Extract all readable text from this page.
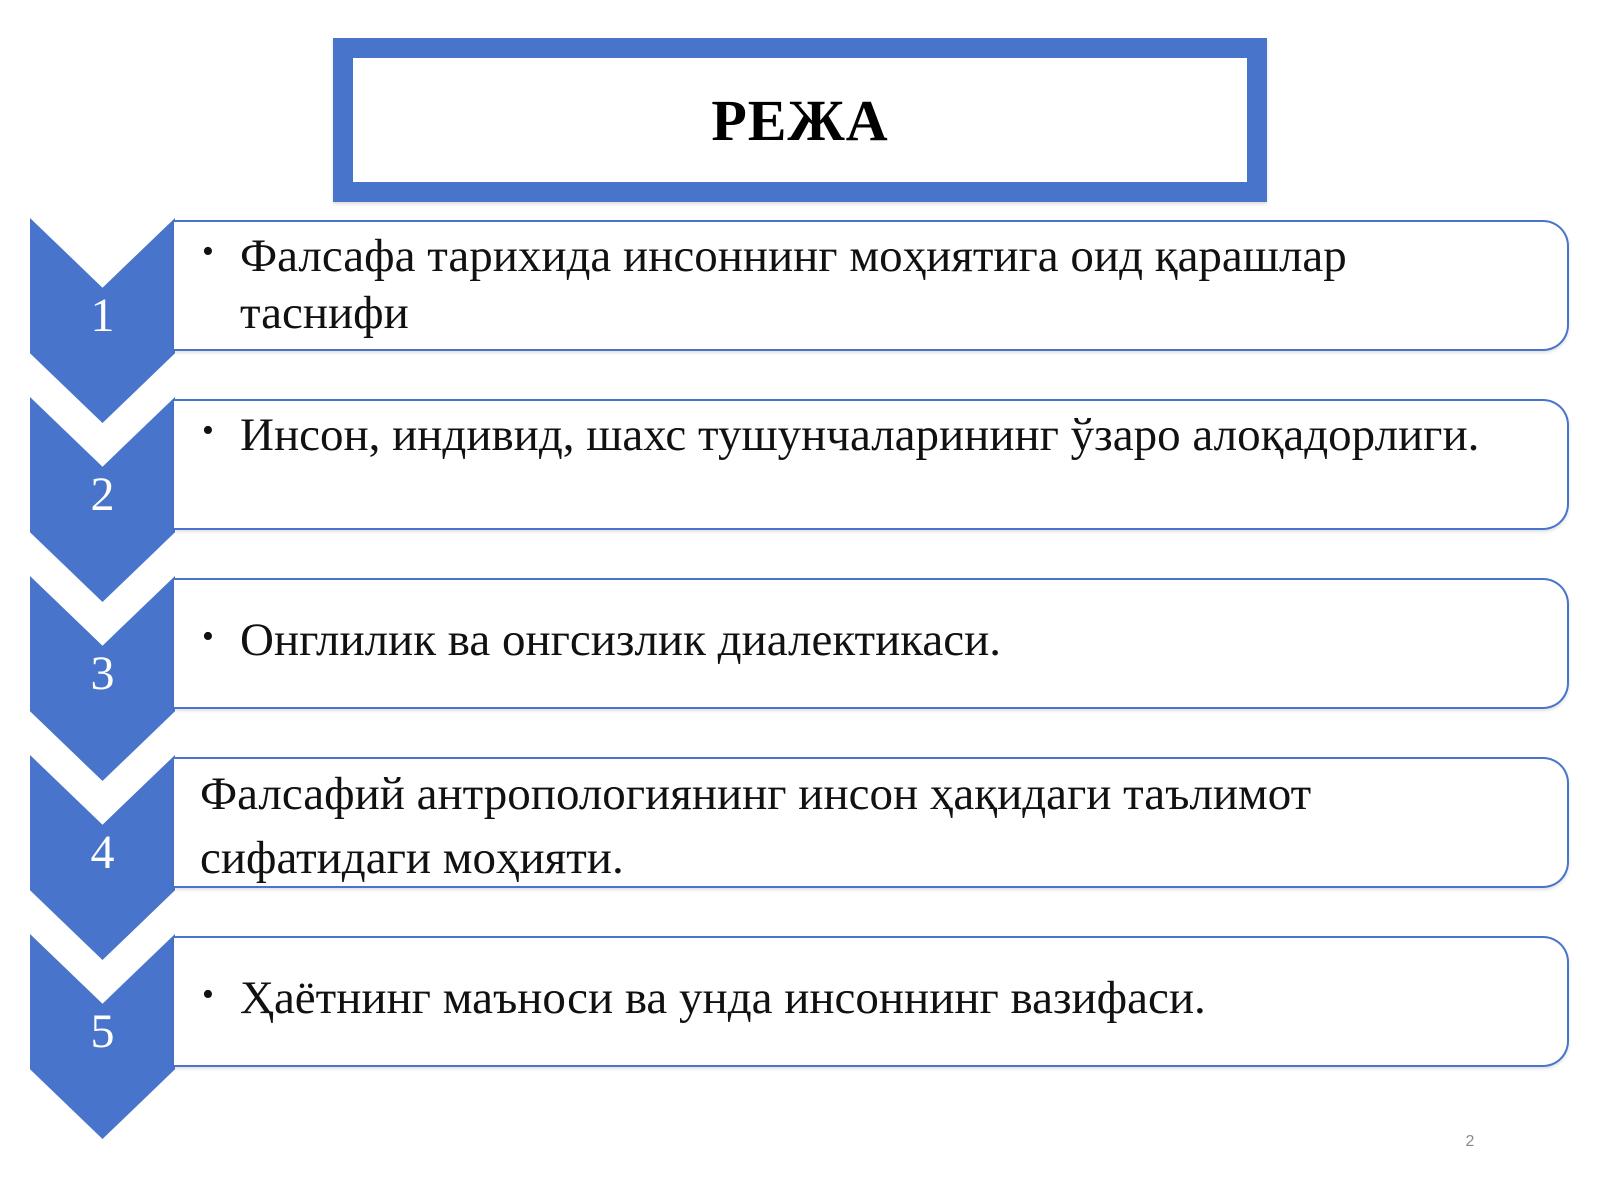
РЕЖА
1
• Фалсафа тарихида инсоннинг моҳиятига оид қарашлар таснифи
2
• Инсон, индивид, шахс тушунчаларининг ўзаро алоқадорлиги.
3
• Онглилик ва онгсизлик диалектикаси.
4
Фалсафий антропологиянинг инсон ҳақидаги таълимот сифатидаги моҳияти.
5
• Ҳаётнинг маъноси ва унда инсоннинг вазифаси.
2
